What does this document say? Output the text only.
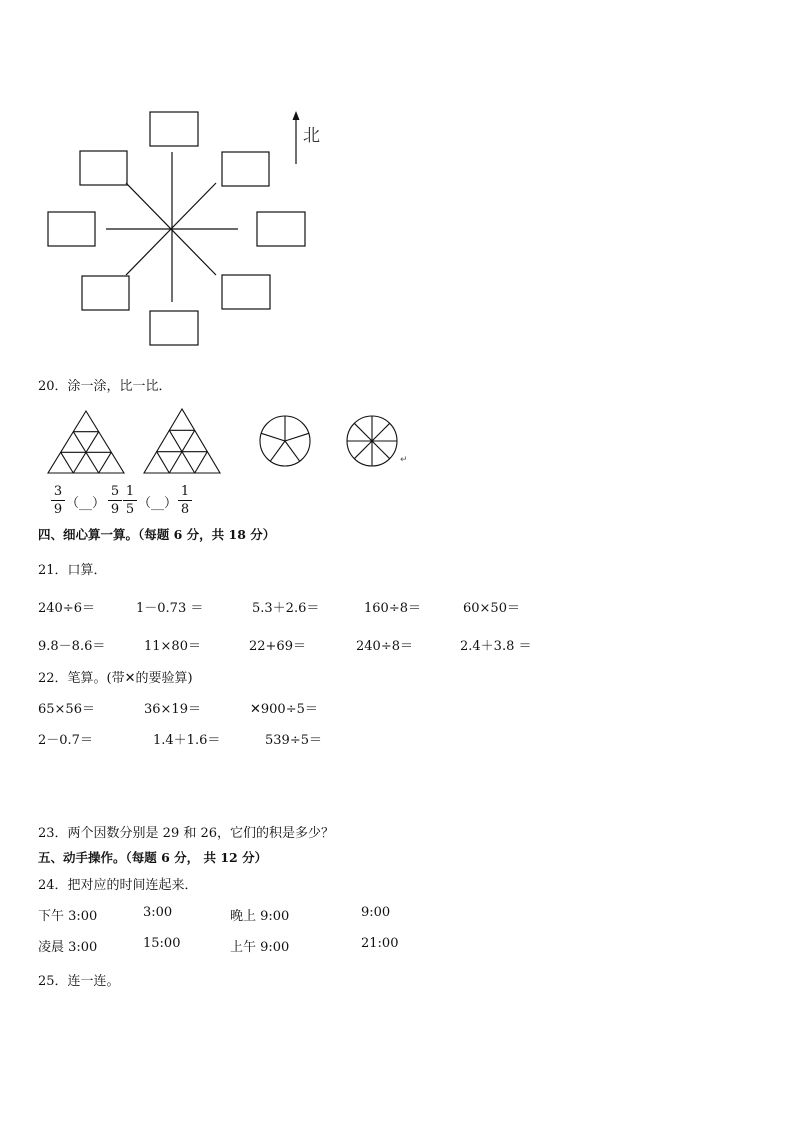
北
20．涂一涂，比一比．
↵
3
9 （__）
5
9
1
5 （__）
1
8
四、细心算一算。（每题 6 分，共 18 分）
21．口算．
240÷6＝	1－0.73 ＝	5.3＋2.6＝	160÷8＝	60×50＝
9.8－8.6＝	11×80＝	22+69＝	240÷8＝	2.4＋3.8 ＝
22．笔算。(带✕的要验算)
65×56＝	36×19＝	✕900÷5＝
2－0.7＝	1.4＋1.6＝	539÷5＝
23．两个因数分别是 29 和 26，它们的积是多少？
五、动手操作。（每题 6 分， 共 12 分）
24．把对应的时间连起来．
下午 3:00	3:00	晚上 9:00	9:00
凌晨 3:00	15:00	上午 9:00	21:00
25．连一连。
